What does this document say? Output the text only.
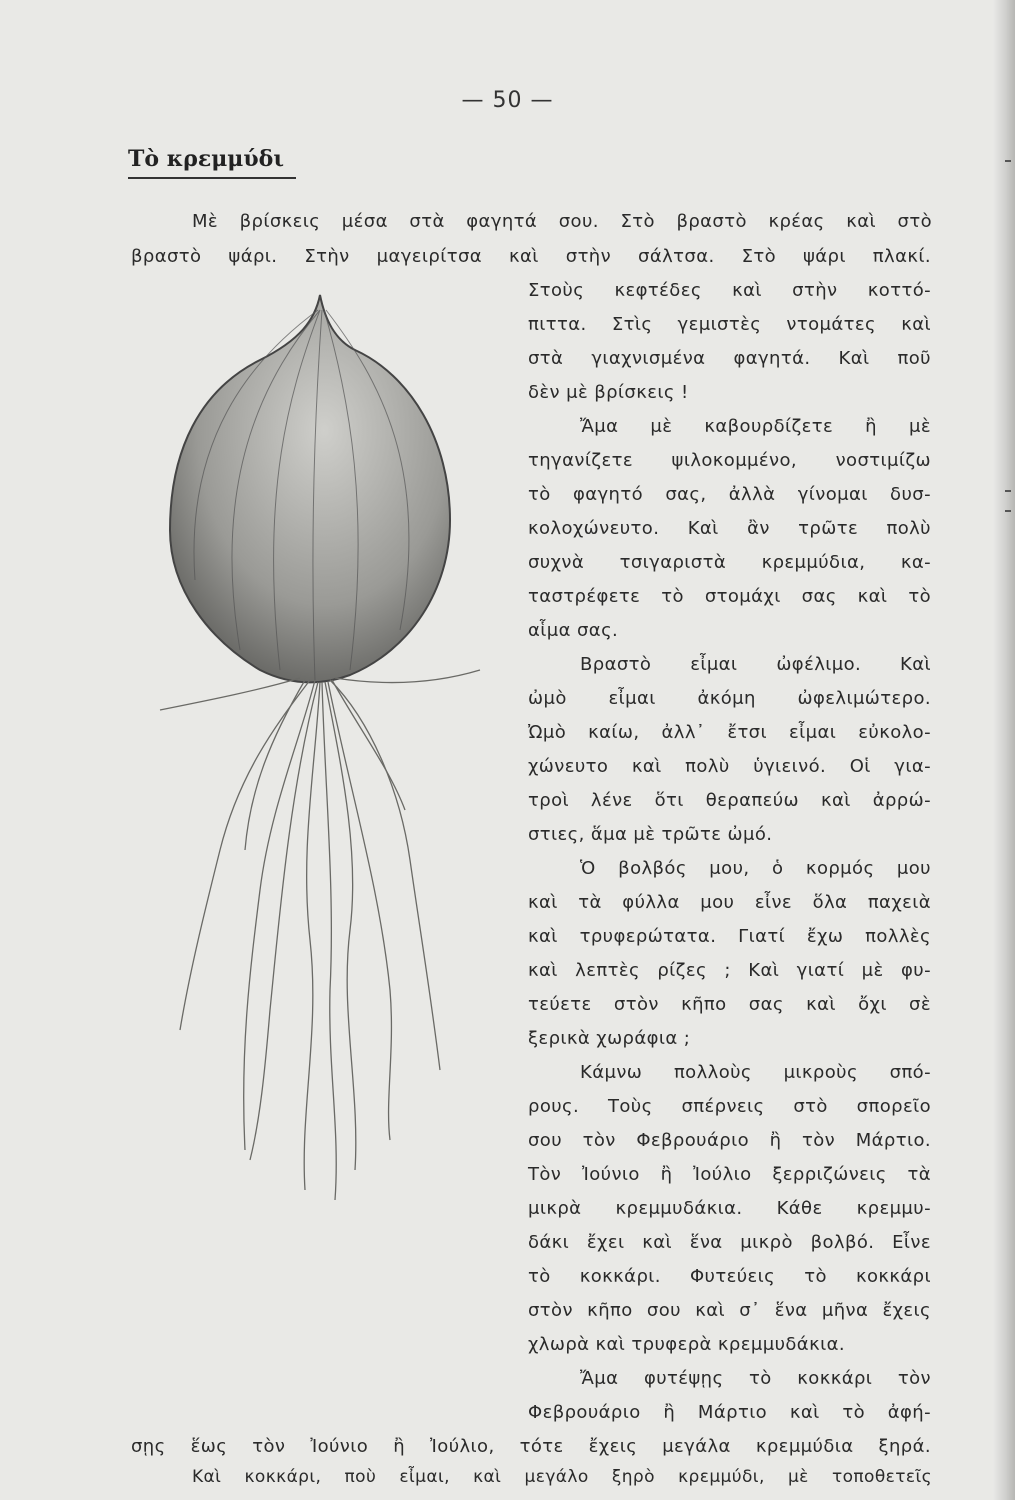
— 50 —
Τὸ κρεμμύδι
Μὲ βρίσκεις μέσα στὰ φαγητά σου. Στὸ βραστὸ κρέας καὶ στὸ
βραστὸ ψάρι. Στὴν μαγειρίτσα καὶ στὴν σάλτσα. Στὸ ψάρι πλακί.
Στοὺς κεφτέδες καὶ στὴν κοττό-
πιττα. Στὶς γεμιστὲς ντομάτες καὶ
στὰ γιαχνισμένα φαγητά. Καὶ ποῦ
δὲν μὲ βρίσκεις !
Ἄμα μὲ καβουρδίζετε ἢ μὲ
τηγανίζετε ψιλοκομμένο, νοστιμίζω
τὸ φαγητό σας, ἀλλὰ γίνομαι δυσ-
κολοχώνευτο. Καὶ ἂν τρῶτε πολὺ
συχνὰ τσιγαριστὰ κρεμμύδια, κα-
ταστρέφετε τὸ στομάχι σας καὶ τὸ
αἷμα σας.
Βραστὸ εἶμαι ὠφέλιμο. Καὶ
ὠμὸ εἶμαι ἀκόμη ὠφελιμώτερο.
Ὠμὸ καίω, ἀλλ᾿ ἔτσι εἶμαι εὐκολο-
χώνευτο καὶ πολὺ ὑγιεινό. Οἱ για-
τροὶ λένε ὅτι θεραπεύω καὶ ἀρρώ-
στιες, ἅμα μὲ τρῶτε ὠμό.
Ὁ βολβός μου, ὁ κορμός μου
καὶ τὰ φύλλα μου εἶνε ὅλα παχειὰ
καὶ τρυφερώτατα. Γιατί ἔχω πολλὲς
καὶ λεπτὲς ρίζες ; Καὶ γιατί μὲ φυ-
τεύετε στὸν κῆπο σας καὶ ὄχι σὲ
ξερικὰ χωράφια ;
Κάμνω πολλοὺς μικροὺς σπό-
ρους. Τοὺς σπέρνεις στὸ σπορεῖο
σου τὸν Φεβρουάριο ἢ τὸν Μάρτιο.
Τὸν Ἰούνιο ἢ Ἰούλιο ξερριζώνεις τὰ
μικρὰ κρεμμυδάκια. Κάθε κρεμμυ-
δάκι ἔχει καὶ ἕνα μικρὸ βολβό. Εἶνε
τὸ κοκκάρι. Φυτεύεις τὸ κοκκάρι
στὸν κῆπο σου καὶ σ᾿ ἕνα μῆνα ἔχεις
χλωρὰ καὶ τρυφερὰ κρεμμυδάκια.
Ἄμα φυτέψῃς τὸ κοκκάρι τὸν
Φεβρουάριο ἢ Μάρτιο καὶ τὸ ἀφή-
σῃς ἕως τὸν Ἰούνιο ἢ Ἰούλιο, τότε ἔχεις μεγάλα κρεμμύδια ξηρά.
Καὶ κοκκάρι, ποὺ εἶμαι, καὶ μεγάλο ξηρὸ κρεμμύδι, μὲ τοποθετεῖς
